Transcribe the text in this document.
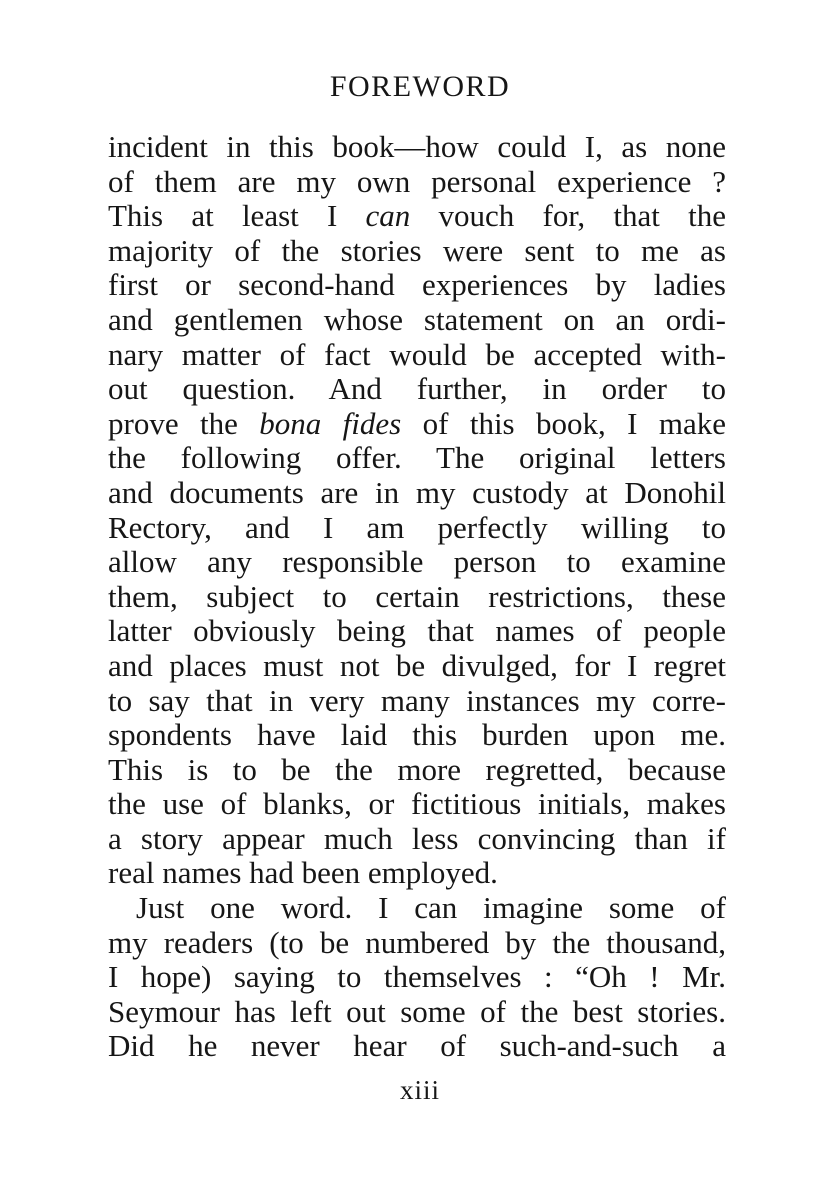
FOREWORD
incident in this book—how could I, as none
of them are my own personal experience ?
This at least I can vouch for, that the
majority of the stories were sent to me as
first or second-hand experiences by ladies
and gentlemen whose statement on an ordi-
nary matter of fact would be accepted with-
out question. And further, in order to
prove the bona fides of this book, I make
the following offer. The original letters
and documents are in my custody at Donohil
Rectory, and I am perfectly willing to
allow any responsible person to examine
them, subject to certain restrictions, these
latter obviously being that names of people
and places must not be divulged, for I regret
to say that in very many instances my corre-
spondents have laid this burden upon me.
This is to be the more regretted, because
the use of blanks, or fictitious initials, makes
a story appear much less convincing than if
real names had been employed.
Just one word. I can imagine some of
my readers (to be numbered by the thousand,
I hope) saying to themselves : “Oh ! Mr.
Seymour has left out some of the best stories.
Did he never hear of such-and-such a
xiii
